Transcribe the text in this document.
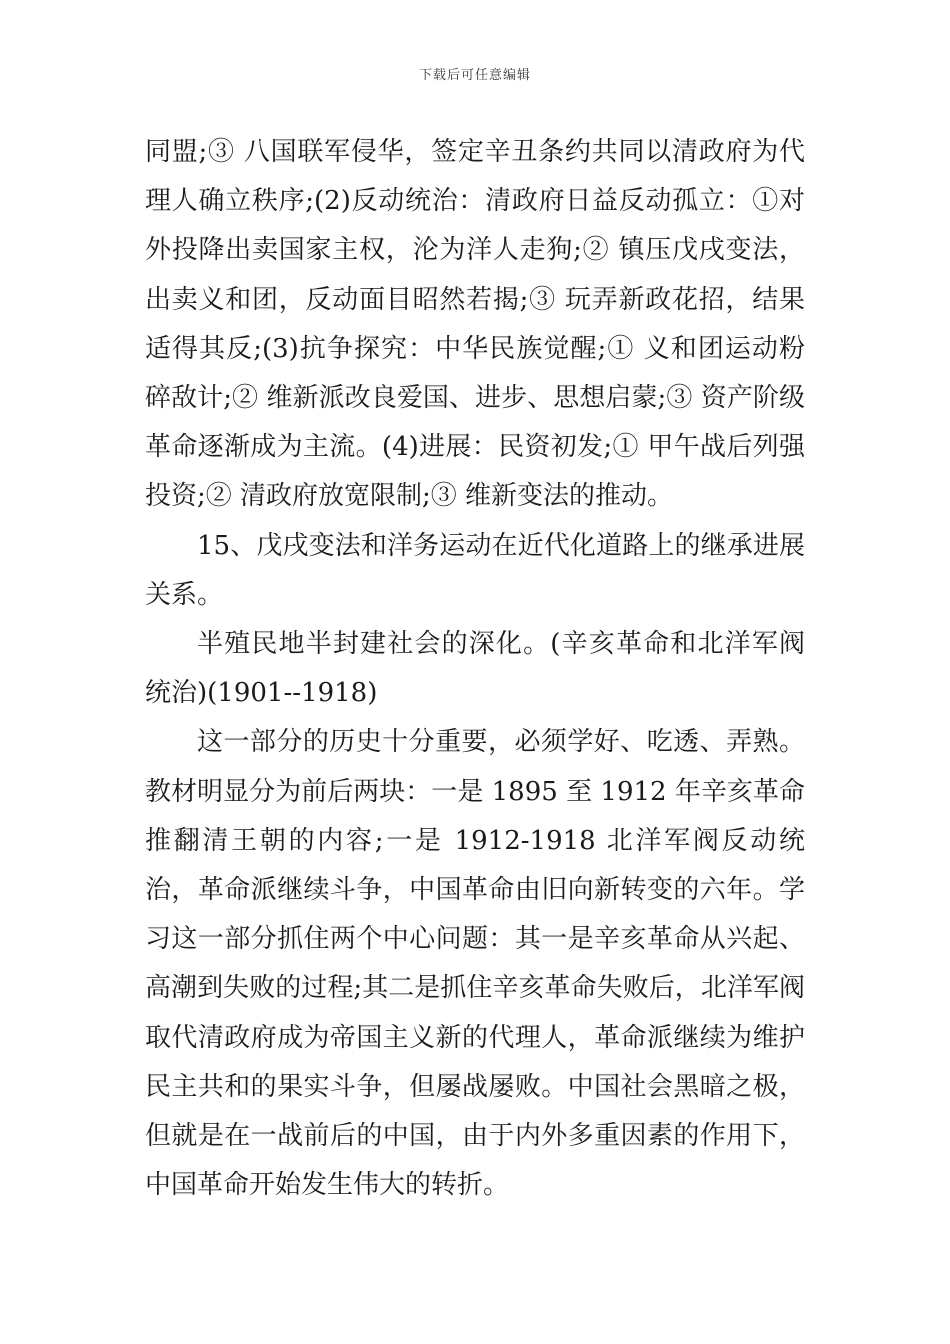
下载后可任意编辑

同盟;③ 八国联军侵华，签定辛丑条约共同以清政府为代理人确立秩序;(2)反动统治：清政府日益反动孤立：①对外投降出卖国家主权，沦为洋人走狗;② 镇压戊戌变法，出卖义和团，反动面目昭然若揭;③ 玩弄新政花招，结果适得其反;(3)抗争探究：中华民族觉醒;① 义和团运动粉碎敌计;② 维新派改良爱国、进步、思想启蒙;③ 资产阶级革命逐渐成为主流。(4)进展：民资初发;① 甲午战后列强投资;② 清政府放宽限制;③ 维新变法的推动。

15、戊戌变法和洋务运动在近代化道路上的继承进展关系。

半殖民地半封建社会的深化。(辛亥革命和北洋军阀统治)(1901--1918)

这一部分的历史十分重要，必须学好、吃透、弄熟。教材明显分为前后两块：一是 1895 至 1912 年辛亥革命推翻清王朝的内容;一是 1912-1918 北洋军阀反动统治，革命派继续斗争，中国革命由旧向新转变的六年。学习这一部分抓住两个中心问题：其一是辛亥革命从兴起、高潮到失败的过程;其二是抓住辛亥革命失败后，北洋军阀取代清政府成为帝国主义新的代理人，革命派继续为维护民主共和的果实斗争，但屡战屡败。中国社会黑暗之极，但就是在一战前后的中国，由于内外多重因素的作用下，中国革命开始发生伟大的转折。
